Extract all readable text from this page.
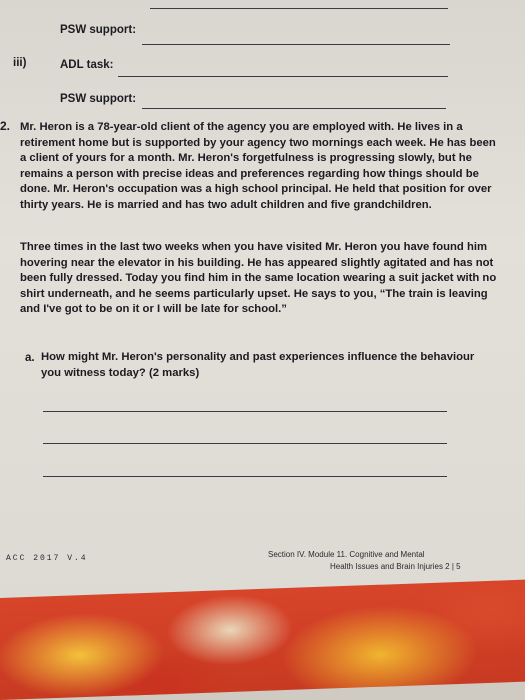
PSW support:

iii)	ADL task:

PSW support:

2. Mr. Heron is a 78-year-old client of the agency you are employed with. He lives in a retirement home but is supported by your agency two mornings each week. He has been a client of yours for a month. Mr. Heron's forgetfulness is progressing slowly, but he remains a person with precise ideas and preferences regarding how things should be done. Mr. Heron's occupation was a high school principal. He held that position for over thirty years. He is married and has two adult children and five grandchildren.

Three times in the last two weeks when you have visited Mr. Heron you have found him hovering near the elevator in his building. He has appeared slightly agitated and has not been fully dressed. Today you find him in the same location wearing a suit jacket with no shirt underneath, and he seems particularly upset. He says to you, “The train is leaving and I've got to be on it or I will be late for school.”

a. How might Mr. Heron's personality and past experiences influence the behaviour you witness today? (2 marks)

ACC 2017 V.4	Section IV. Module 11. Cognitive and Mental

Health Issues and Brain Injuries 2 | 5
